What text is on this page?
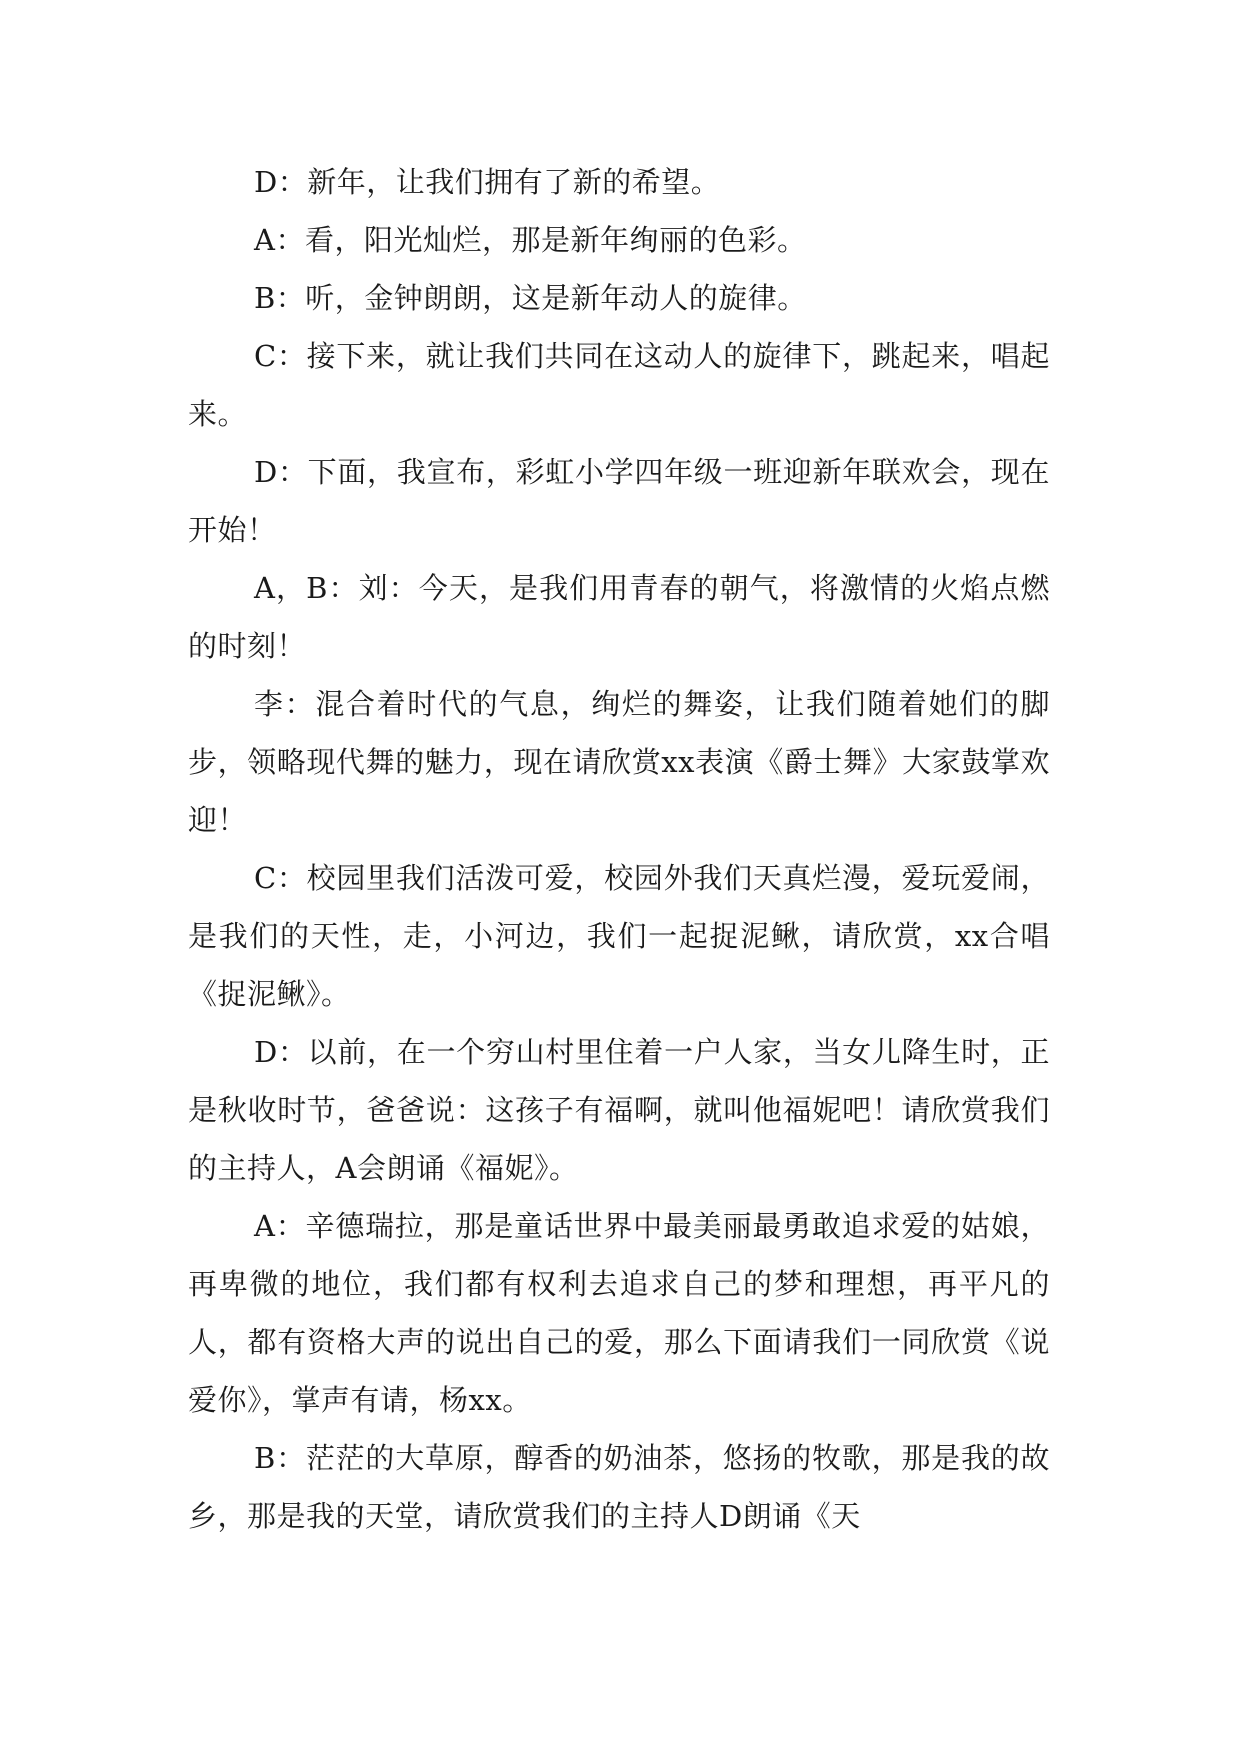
D：新年，让我们拥有了新的希望。

A：看，阳光灿烂，那是新年绚丽的色彩。

B：听，金钟朗朗，这是新年动人的旋律。

C：接下来，就让我们共同在这动人的旋律下，跳起来，唱起来。

D：下面，我宣布，彩虹小学四年级一班迎新年联欢会，现在开始！

A，B：刘：今天，是我们用青春的朝气，将激情的火焰点燃的时刻！

李：混合着时代的气息，绚烂的舞姿，让我们随着她们的脚步，领略现代舞的魅力，现在请欣赏xx表演《爵士舞》大家鼓掌欢迎！

C：校园里我们活泼可爱，校园外我们天真烂漫，爱玩爱闹，是我们的天性，走，小河边，我们一起捉泥鳅，请欣赏，xx合唱《捉泥鳅》。

D：以前，在一个穷山村里住着一户人家，当女儿降生时，正是秋收时节，爸爸说：这孩子有福啊，就叫他福妮吧！请欣赏我们的主持人，A会朗诵《福妮》。

A：辛德瑞拉，那是童话世界中最美丽最勇敢追求爱的姑娘，再卑微的地位，我们都有权利去追求自己的梦和理想，再平凡的人，都有资格大声的说出自己的爱，那么下面请我们一同欣赏《说爱你》，掌声有请，杨xx。

B：茫茫的大草原，醇香的奶油茶，悠扬的牧歌，那是我的故乡，那是我的天堂，请欣赏我们的主持人D朗诵《天
